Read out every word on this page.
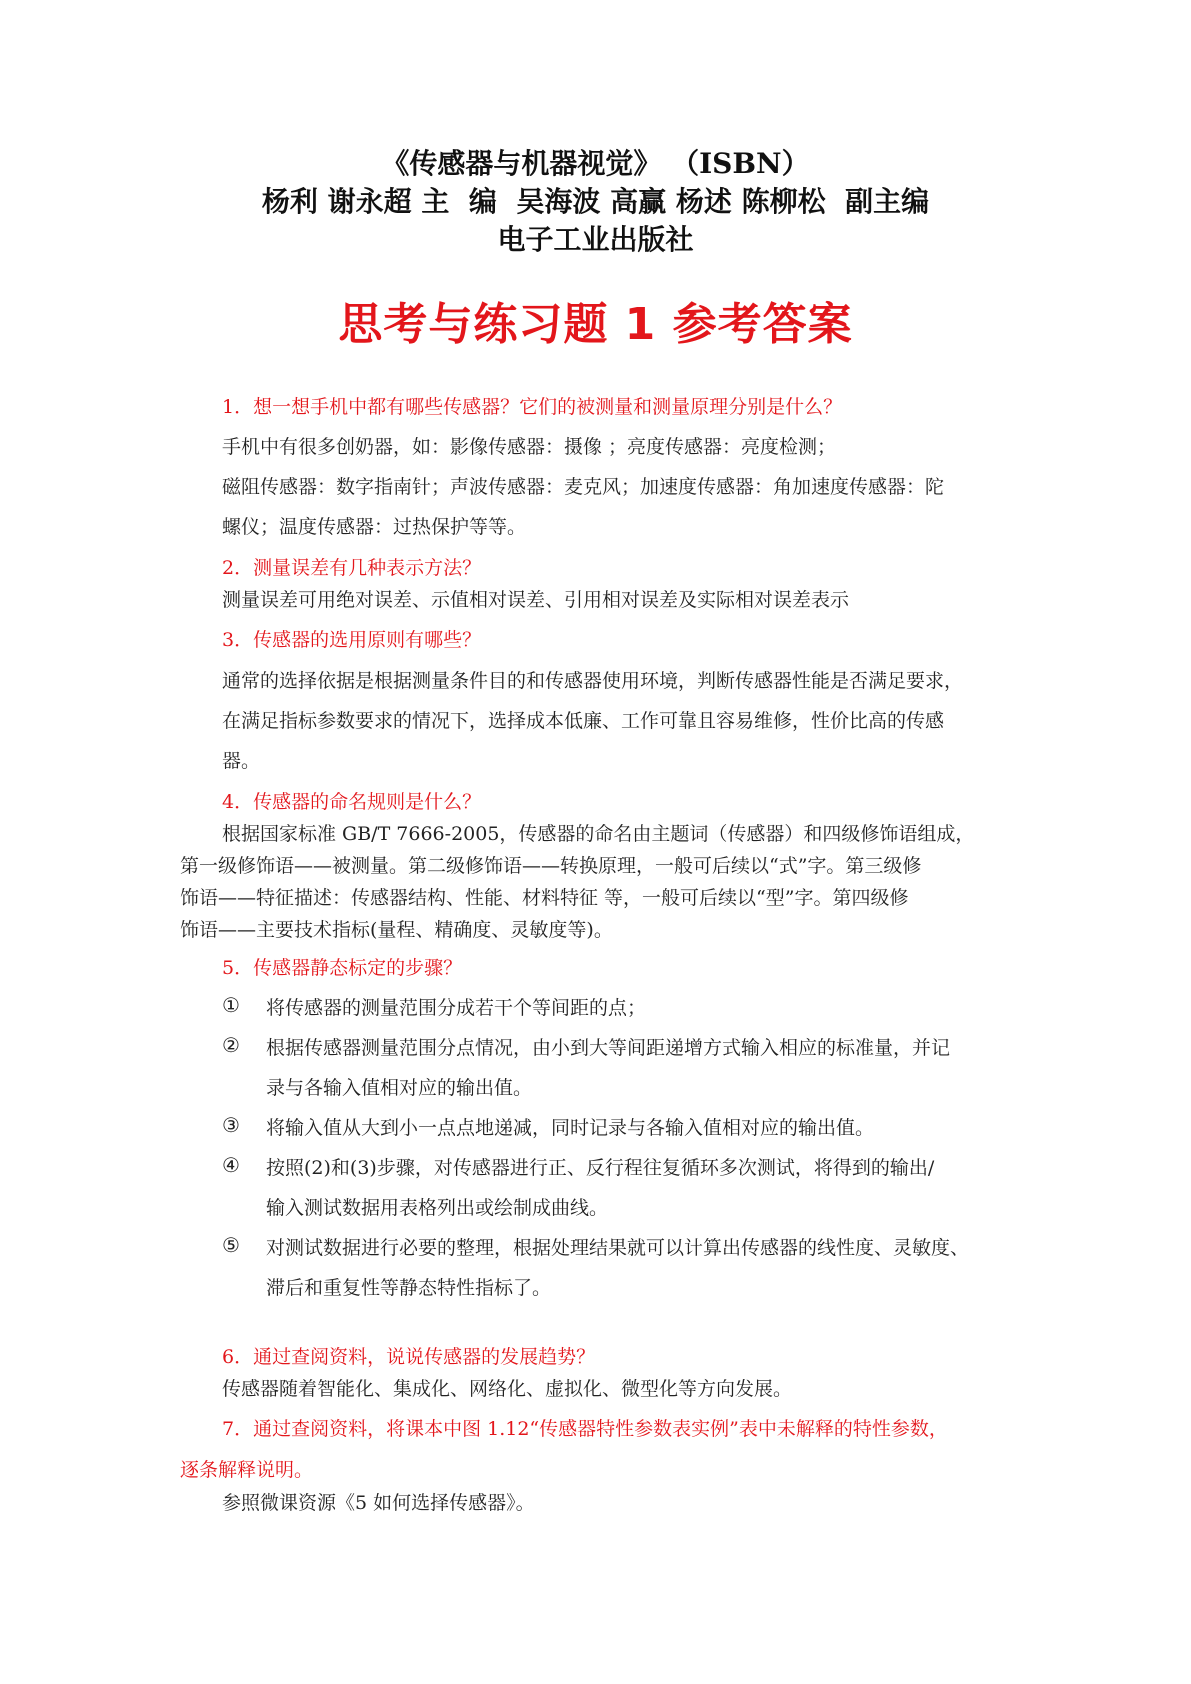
《传感器与机器视觉》 （ISBN）
杨利 谢永超 主  编  吴海波 高赢 杨述 陈柳松  副主编
电子工业出版社
思考与练习题 1 参考答案
1．想一想手机中都有哪些传感器？它们的被测量和测量原理分别是什么？
手机中有很多创奶器，如：影像传感器：摄像 ；亮度传感器：亮度检测；
磁阻传感器：数字指南针；声波传感器：麦克风；加速度传感器：角加速度传感器：陀
螺仪；温度传感器：过热保护等等。
2．测量误差有几种表示方法？
测量误差可用绝对误差、示值相对误差、引用相对误差及实际相对误差表示
3．传感器的选用原则有哪些？
通常的选择依据是根据测量条件目的和传感器使用环境，判断传感器性能是否满足要求，
在满足指标参数要求的情况下，选择成本低廉、工作可靠且容易维修，性价比高的传感
器。
4．传感器的命名规则是什么？
根据国家标准 GB/T 7666-2005，传感器的命名由主题词（传感器）和四级修饰语组成，
第一级修饰语——被测量。第二级修饰语——转换原理，一般可后续以“式”字。第三级修
饰语——特征描述：传感器结构、性能、材料特征 等，一般可后续以“型”字。第四级修
饰语——主要技术指标(量程、精确度、灵敏度等)。
5．传感器静态标定的步骤？
① 将传感器的测量范围分成若干个等间距的点；
② 根据传感器测量范围分点情况，由小到大等间距递增方式输入相应的标准量，并记
录与各输入值相对应的输出值。
③ 将输入值从大到小一点点地递减，同时记录与各输入值相对应的输出值。
④ 按照(2)和(3)步骤，对传感器进行正、反行程往复循环多次测试，将得到的输出/
输入测试数据用表格列出或绘制成曲线。
⑤ 对测试数据进行必要的整理，根据处理结果就可以计算出传感器的线性度、灵敏度、
滞后和重复性等静态特性指标了。
6．通过查阅资料，说说传感器的发展趋势？
传感器随着智能化、集成化、网络化、虚拟化、微型化等方向发展。
7．通过查阅资料，将课本中图 1.12“传感器特性参数表实例”表中未解释的特性参数，
逐条解释说明。
参照微课资源《5 如何选择传感器》。
